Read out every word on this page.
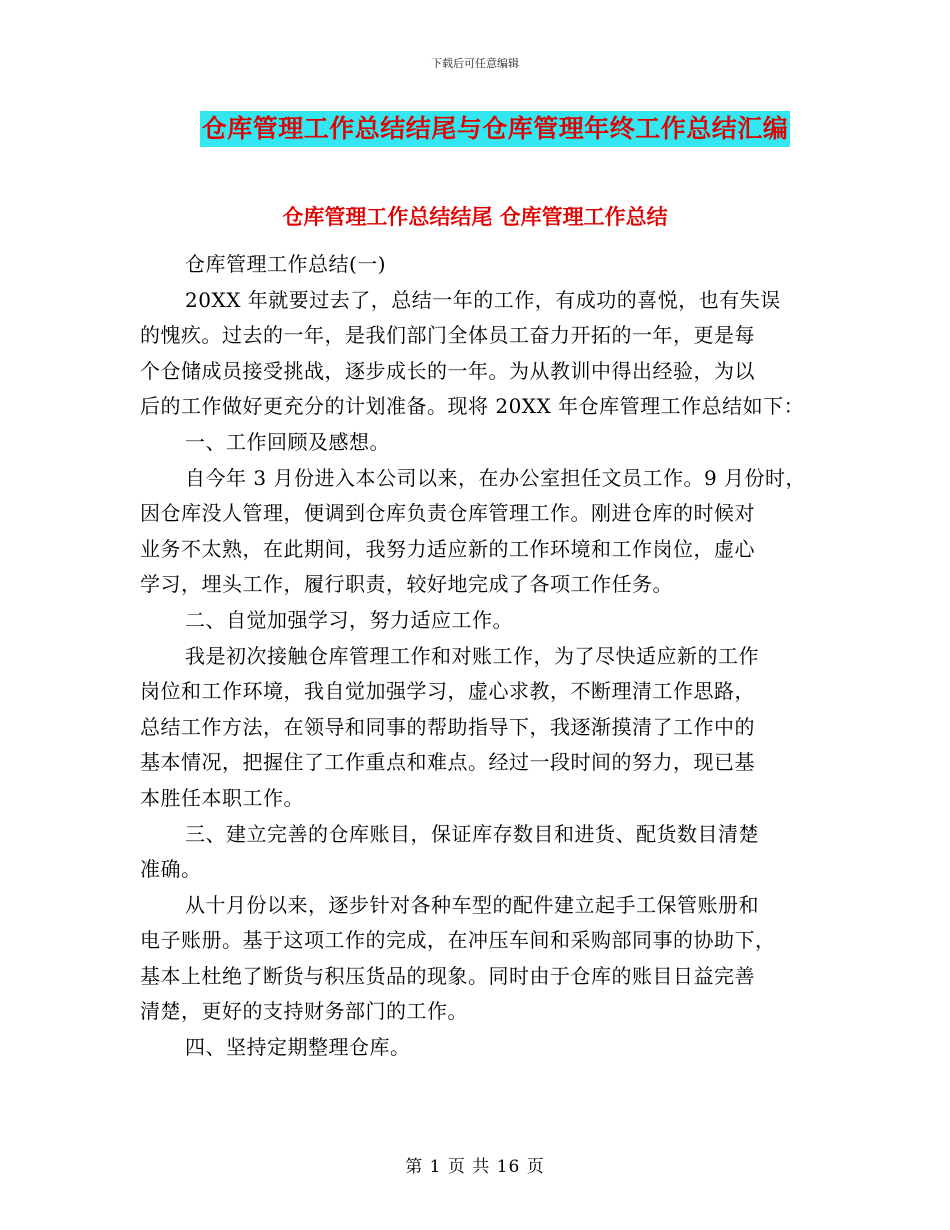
下载后可任意编辑
仓库管理工作总结结尾与仓库管理年终工作总结汇编
仓库管理工作总结结尾 仓库管理工作总结
仓库管理工作总结(一)
20XX 年就要过去了，总结一年的工作，有成功的喜悦，也有失误
的愧疚。过去的一年，是我们部门全体员工奋力开拓的一年，更是每
个仓储成员接受挑战，逐步成长的一年。为从教训中得出经验，为以
后的工作做好更充分的计划准备。现将 20XX 年仓库管理工作总结如下：
一、工作回顾及感想。
自今年 3 月份进入本公司以来，在办公室担任文员工作。9 月份时，
因仓库没人管理，便调到仓库负责仓库管理工作。刚进仓库的时候对
业务不太熟，在此期间，我努力适应新的工作环境和工作岗位，虚心
学习，埋头工作，履行职责，较好地完成了各项工作任务。
二、自觉加强学习，努力适应工作。
我是初次接触仓库管理工作和对账工作，为了尽快适应新的工作
岗位和工作环境，我自觉加强学习，虚心求教，不断理清工作思路，
总结工作方法，在领导和同事的帮助指导下，我逐渐摸清了工作中的
基本情况，把握住了工作重点和难点。经过一段时间的努力，现已基
本胜任本职工作。
三、建立完善的仓库账目，保证库存数目和进货、配货数目清楚
准确。
从十月份以来，逐步针对各种车型的配件建立起手工保管账册和
电子账册。基于这项工作的完成，在冲压车间和采购部同事的协助下，
基本上杜绝了断货与积压货品的现象。同时由于仓库的账目日益完善
清楚，更好的支持财务部门的工作。
四、坚持定期整理仓库。
第 1 页 共 16 页
